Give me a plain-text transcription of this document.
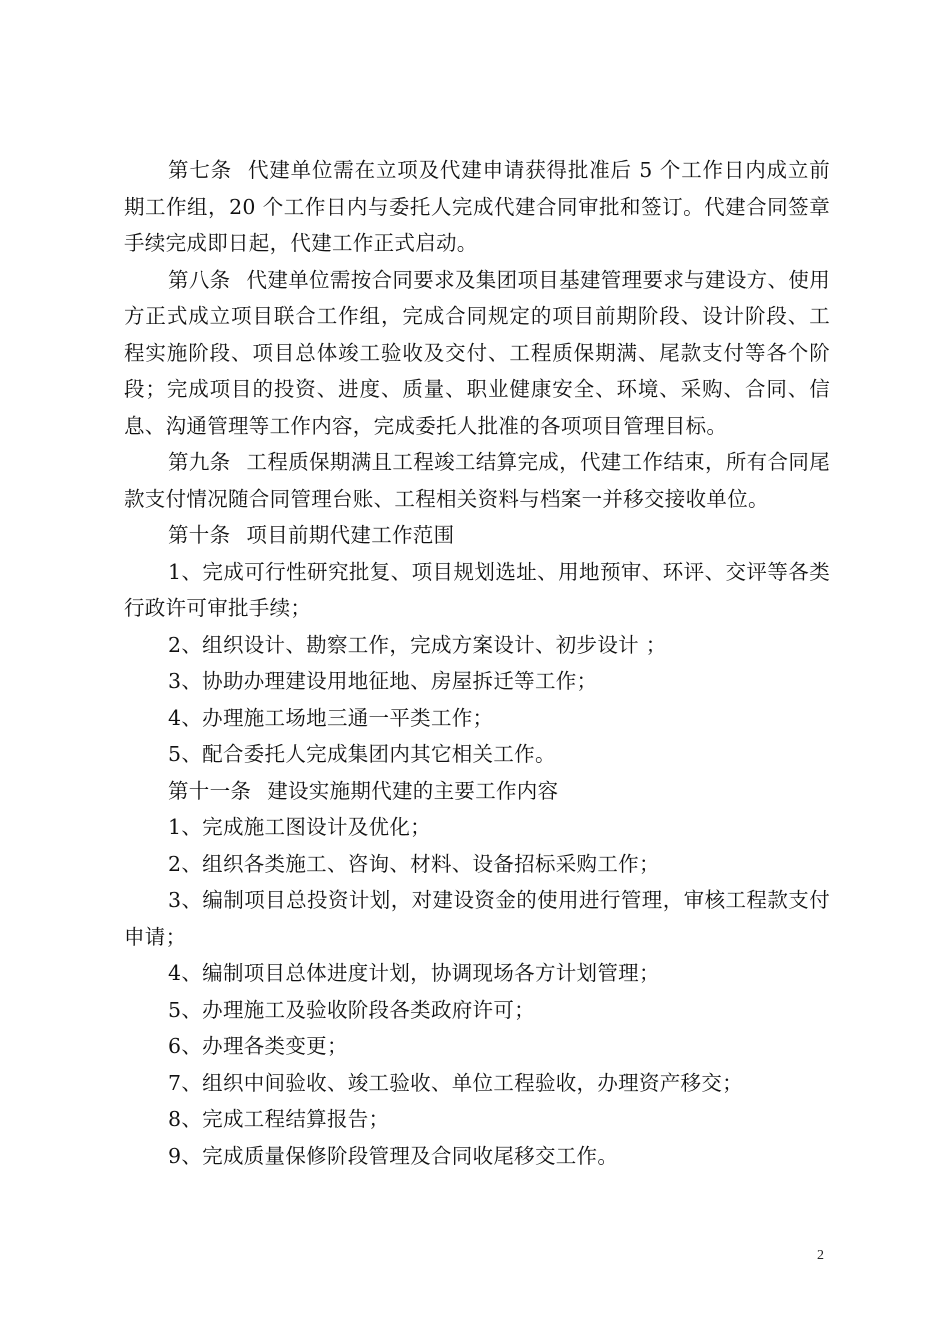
第七条 代建单位需在立项及代建申请获得批准后 5 个工作日内成立前期工作组，20 个工作日内与委托人完成代建合同审批和签订。代建合同签章手续完成即日起，代建工作正式启动。

第八条 代建单位需按合同要求及集团项目基建管理要求与建设方、使用方正式成立项目联合工作组，完成合同规定的项目前期阶段、设计阶段、工程实施阶段、项目总体竣工验收及交付、工程质保期满、尾款支付等各个阶段；完成项目的投资、进度、质量、职业健康安全、环境、采购、合同、信息、沟通管理等工作内容，完成委托人批准的各项项目管理目标。

第九条 工程质保期满且工程竣工结算完成，代建工作结束，所有合同尾款支付情况随合同管理台账、工程相关资料与档案一并移交接收单位。

第十条 项目前期代建工作范围

1、完成可行性研究批复、项目规划选址、用地预审、环评、交评等各类行政许可审批手续；

2、组织设计、勘察工作，完成方案设计、初步设计 ；

3、协助办理建设用地征地、房屋拆迁等工作；

4、办理施工场地三通一平类工作；

5、配合委托人完成集团内其它相关工作。

第十一条 建设实施期代建的主要工作内容

1、完成施工图设计及优化；

2、组织各类施工、咨询、材料、设备招标采购工作；

3、编制项目总投资计划，对建设资金的使用进行管理，审核工程款支付申请；

4、编制项目总体进度计划，协调现场各方计划管理；

5、办理施工及验收阶段各类政府许可；

6、办理各类变更；

7、组织中间验收、竣工验收、单位工程验收，办理资产移交；

8、完成工程结算报告；

9、完成质量保修阶段管理及合同收尾移交工作。

2
